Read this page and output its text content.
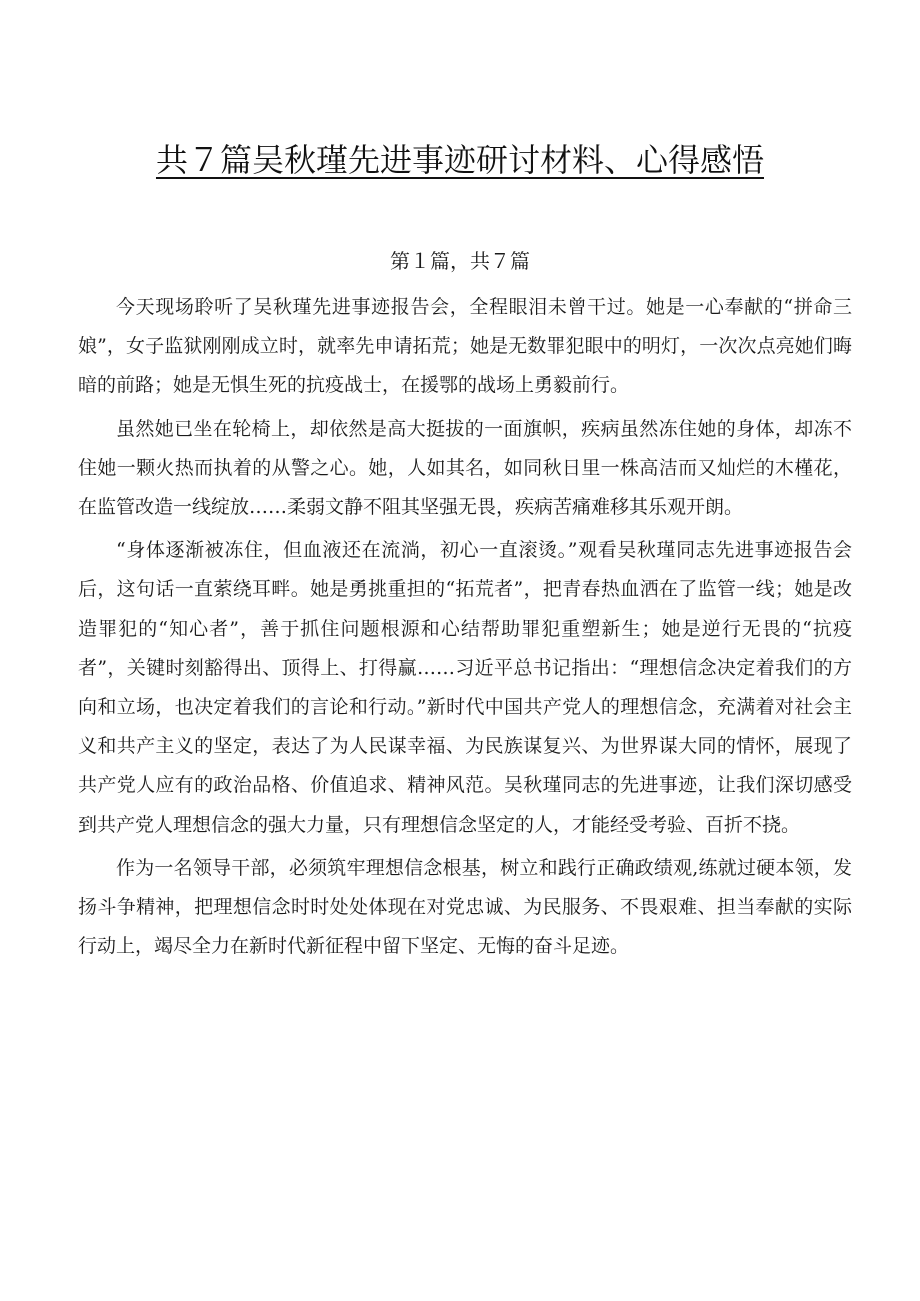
共７篇吴秋瑾先进事迹研讨材料、心得感悟
第１篇，共７篇

今天现场聆听了吴秋瑾先进事迹报告会，全程眼泪未曾干过。她是一心奉献的“拼命三娘”，女子监狱刚刚成立时，就率先申请拓荒；她是无数罪犯眼中的明灯，一次次点亮她们晦暗的前路；她是无惧生死的抗疫战士，在援鄂的战场上勇毅前行。

虽然她已坐在轮椅上，却依然是高大挺拔的一面旗帜，疾病虽然冻住她的身体，却冻不住她一颗火热而执着的从警之心。她，人如其名，如同秋日里一株高洁而又灿烂的木槿花，在监管改造一线绽放……柔弱文静不阻其坚强无畏，疾病苦痛难移其乐观开朗。

“身体逐渐被冻住，但血液还在流淌，初心一直滚烫。”观看吴秋瑾同志先进事迹报告会后，这句话一直萦绕耳畔。她是勇挑重担的“拓荒者”，把青春热血洒在了监管一线；她是改造罪犯的“知心者”，善于抓住问题根源和心结帮助罪犯重塑新生；她是逆行无畏的“抗疫者”，关键时刻豁得出、顶得上、打得赢……习近平总书记指出：“理想信念决定着我们的方向和立场，也决定着我们的言论和行动。”新时代中国共产党人的理想信念，充满着对社会主义和共产主义的坚定，表达了为人民谋幸福、为民族谋复兴、为世界谋大同的情怀，展现了共产党人应有的政治品格、价值追求、精神风范。吴秋瑾同志的先进事迹，让我们深切感受到共产党人理想信念的强大力量，只有理想信念坚定的人，才能经受考验、百折不挠。

作为一名领导干部，必须筑牢理想信念根基，树立和践行正确政绩观,练就过硬本领，发扬斗争精神，把理想信念时时处处体现在对党忠诚、为民服务、不畏艰难、担当奉献的实际行动上，竭尽全力在新时代新征程中留下坚定、无悔的奋斗足迹。
